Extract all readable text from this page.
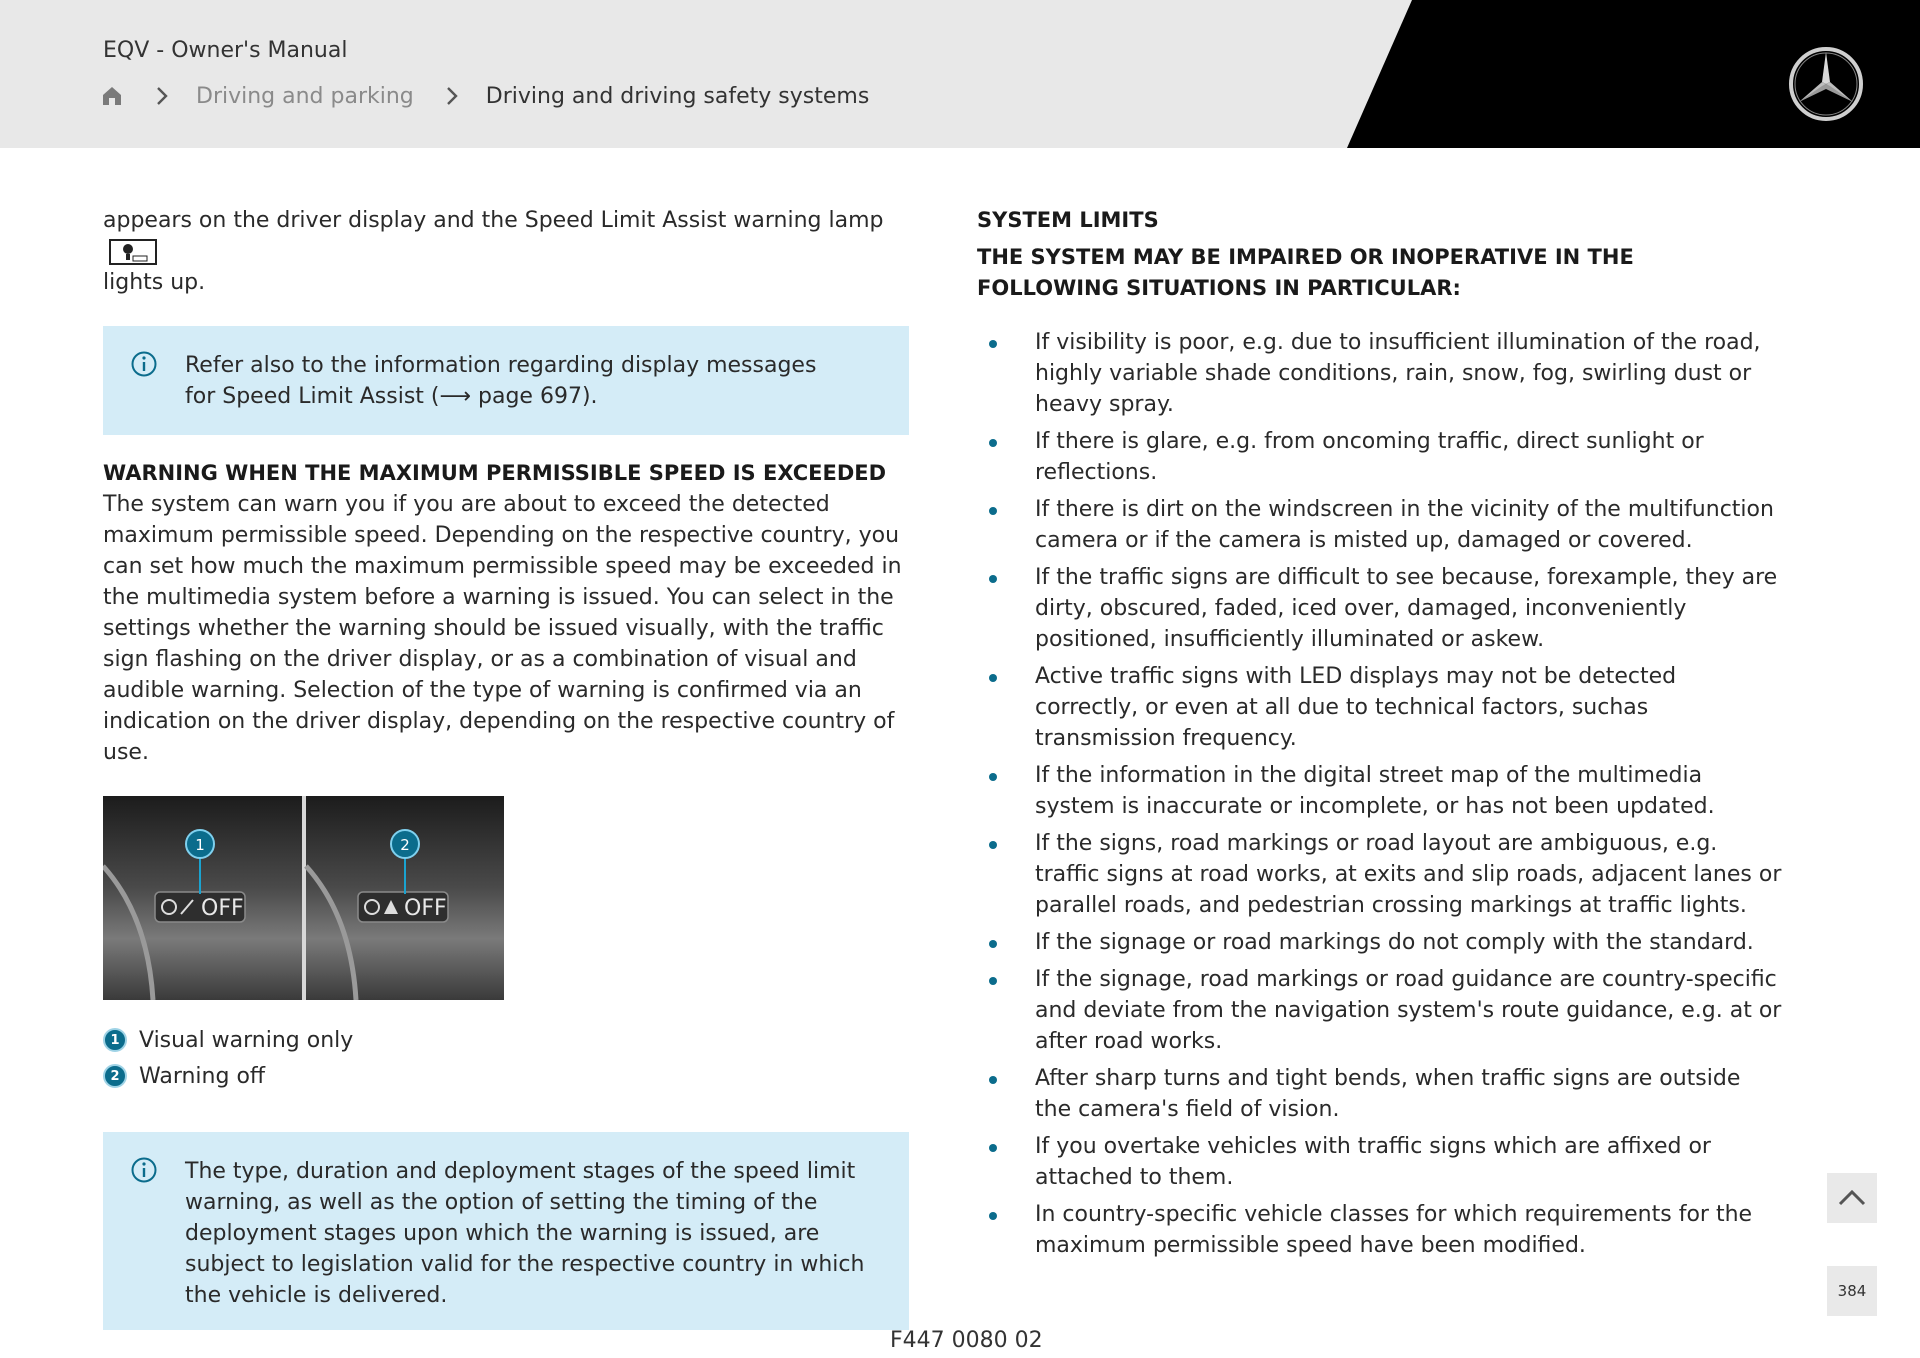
EQV - Owner's Manual
Driving and parking	Driving and driving safety systems
appears on the driver display and the Speed Limit Assist warning lamp
lights up.
Refer also to the information regarding display messages for Speed Limit Assist (⟶ page 697).
WARNING WHEN THE MAXIMUM PERMISSIBLE SPEED IS EXCEEDED
The system can warn you if you are about to exceed the detected maximum permissible speed. Depending on the respective country, you can set how much the maximum permissible speed may be exceeded in the multimedia system before a warning is issued. You can select in the settings whether the warning should be issued visually, with the traffic sign flashing on the driver display, or as a combination of visual and audible warning. Selection of the type of warning is confirmed via an indication on the driver display, depending on the respective country of use.
OFF	OFF
1	2
1 Visual warning only
2 Warning off
The type, duration and deployment stages of the speed limit warning, as well as the option of setting the timing of the deployment stages upon which the warning is issued, are subject to legislation valid for the respective country in which the vehicle is delivered.
SYSTEM LIMITS
THE SYSTEM MAY BE IMPAIRED OR INOPERATIVE IN THE FOLLOWING SITUATIONS IN PARTICULAR:
If visibility is poor, e.g. due to insufficient illumination of the road, highly variable shade conditions, rain, snow, fog, swirling dust or heavy spray.
If there is glare, e.g. from oncoming traffic, direct sunlight or reflections.
If there is dirt on the windscreen in the vicinity of the multifunction camera or if the camera is misted up, damaged or covered.
If the traffic signs are difficult to see because, forexample, they are dirty, obscured, faded, iced over, damaged, inconveniently positioned, insufficiently illuminated or askew.
Active traffic signs with LED displays may not be detected correctly, or even at all due to technical factors, suchas transmission frequency.
If the information in the digital street map of the multimedia system is inaccurate or incomplete, or has not been updated.
If the signs, road markings or road layout are ambiguous, e.g. traffic signs at road works, at exits and slip roads, adjacent lanes or parallel roads, and pedestrian crossing markings at traffic lights.
If the signage or road markings do not comply with the standard.
If the signage, road markings or road guidance are country-specific and deviate from the navigation system's route guidance, e.g. at or after road works.
After sharp turns and tight bends, when traffic signs are outside the camera's field of vision.
If you overtake vehicles with traffic signs which are affixed or attached to them.
In country-specific vehicle classes for which requirements for the maximum permissible speed have been modified.
384
F447 0080 02
